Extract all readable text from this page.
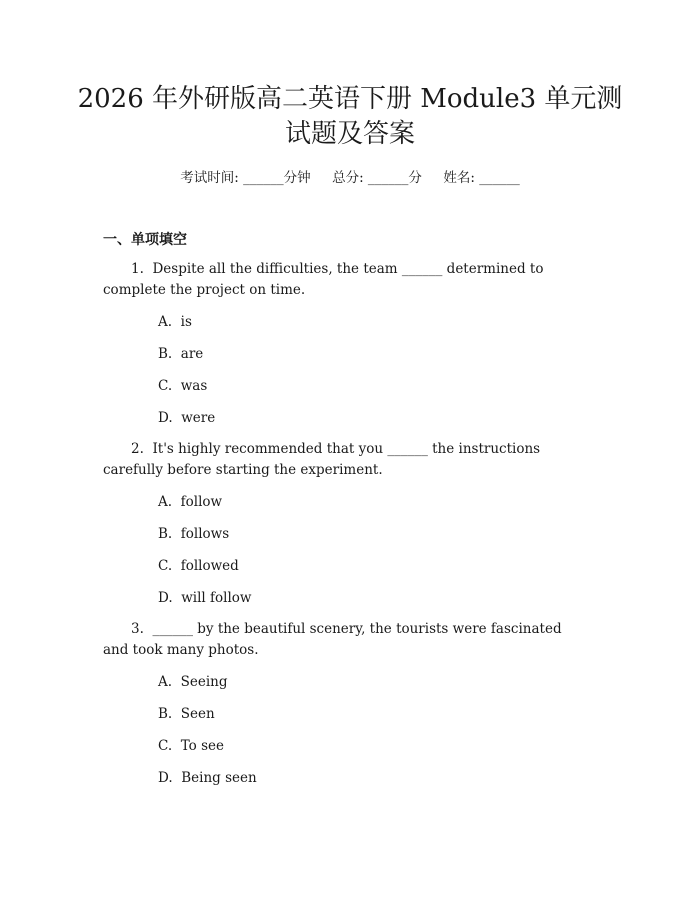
2026 年外研版高二英语下册 Module3 单元测
试题及答案
考试时间: ______分钟     总分: ______分     姓名: ______
一、单项填空
1.  Despite all the difficulties, the team ______ determined to complete the project on time.
A.  is
B.  are
C.  was
D.  were
2.  It's highly recommended that you ______ the instructions carefully before starting the experiment.
A.  follow
B.  follows
C.  followed
D.  will follow
3.  ______ by the beautiful scenery, the tourists were fascinated and took many photos.
A.  Seeing
B.  Seen
C.  To see
D.  Being seen
